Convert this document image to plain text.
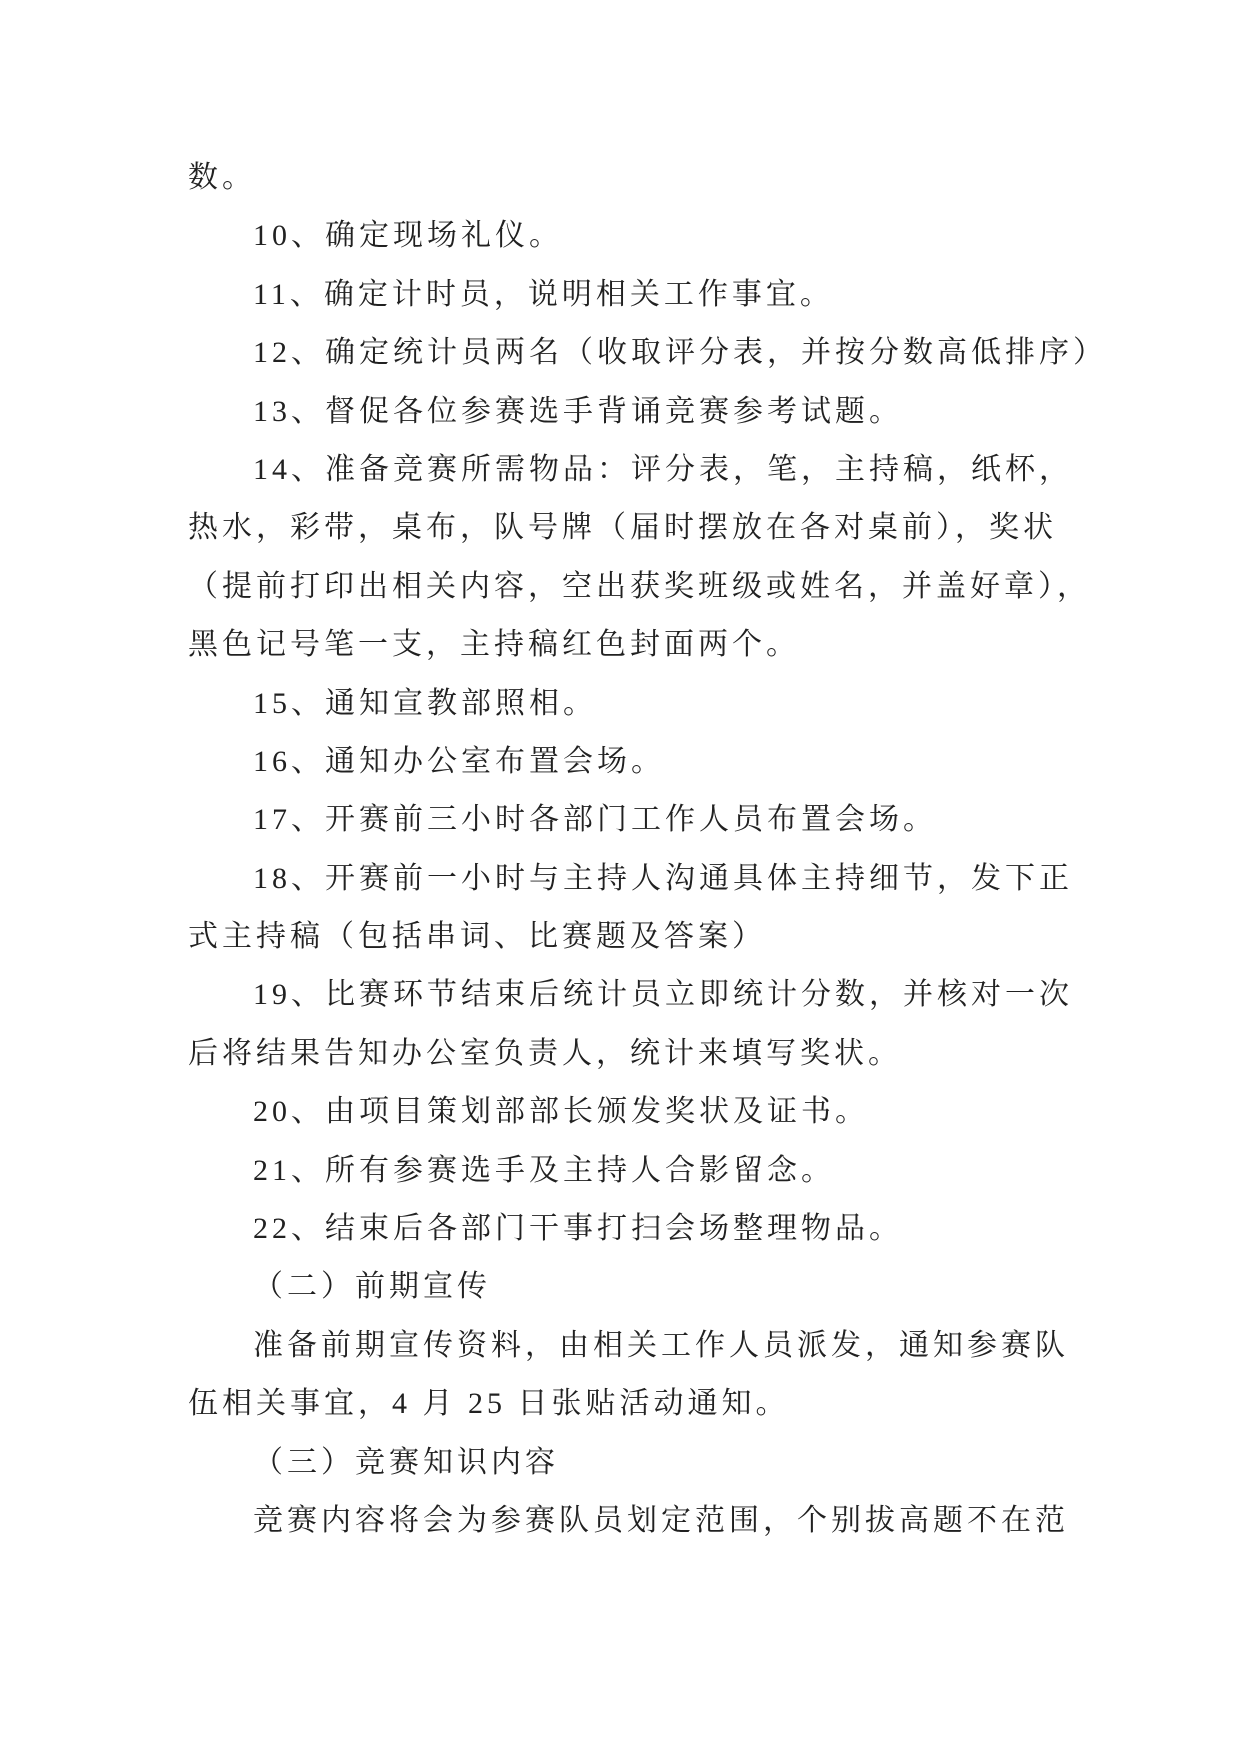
数。
10、确定现场礼仪。
11、确定计时员，说明相关工作事宜。
12、确定统计员两名（收取评分表，并按分数高低排序）
13、督促各位参赛选手背诵竞赛参考试题。
14、准备竞赛所需物品：评分表，笔，主持稿，纸杯，
热水，彩带，桌布，队号牌（届时摆放在各对桌前），奖状
（提前打印出相关内容，空出获奖班级或姓名，并盖好章），
黑色记号笔一支，主持稿红色封面两个。
15、通知宣教部照相。
16、通知办公室布置会场。
17、开赛前三小时各部门工作人员布置会场。
18、开赛前一小时与主持人沟通具体主持细节，发下正
式主持稿（包括串词、比赛题及答案）
19、比赛环节结束后统计员立即统计分数，并核对一次
后将结果告知办公室负责人，统计来填写奖状。
20、由项目策划部部长颁发奖状及证书。
21、所有参赛选手及主持人合影留念。
22、结束后各部门干事打扫会场整理物品。
（二）前期宣传
准备前期宣传资料，由相关工作人员派发，通知参赛队
伍相关事宜，4 月 25 日张贴活动通知。
（三）竞赛知识内容
竞赛内容将会为参赛队员划定范围，个别拔高题不在范
